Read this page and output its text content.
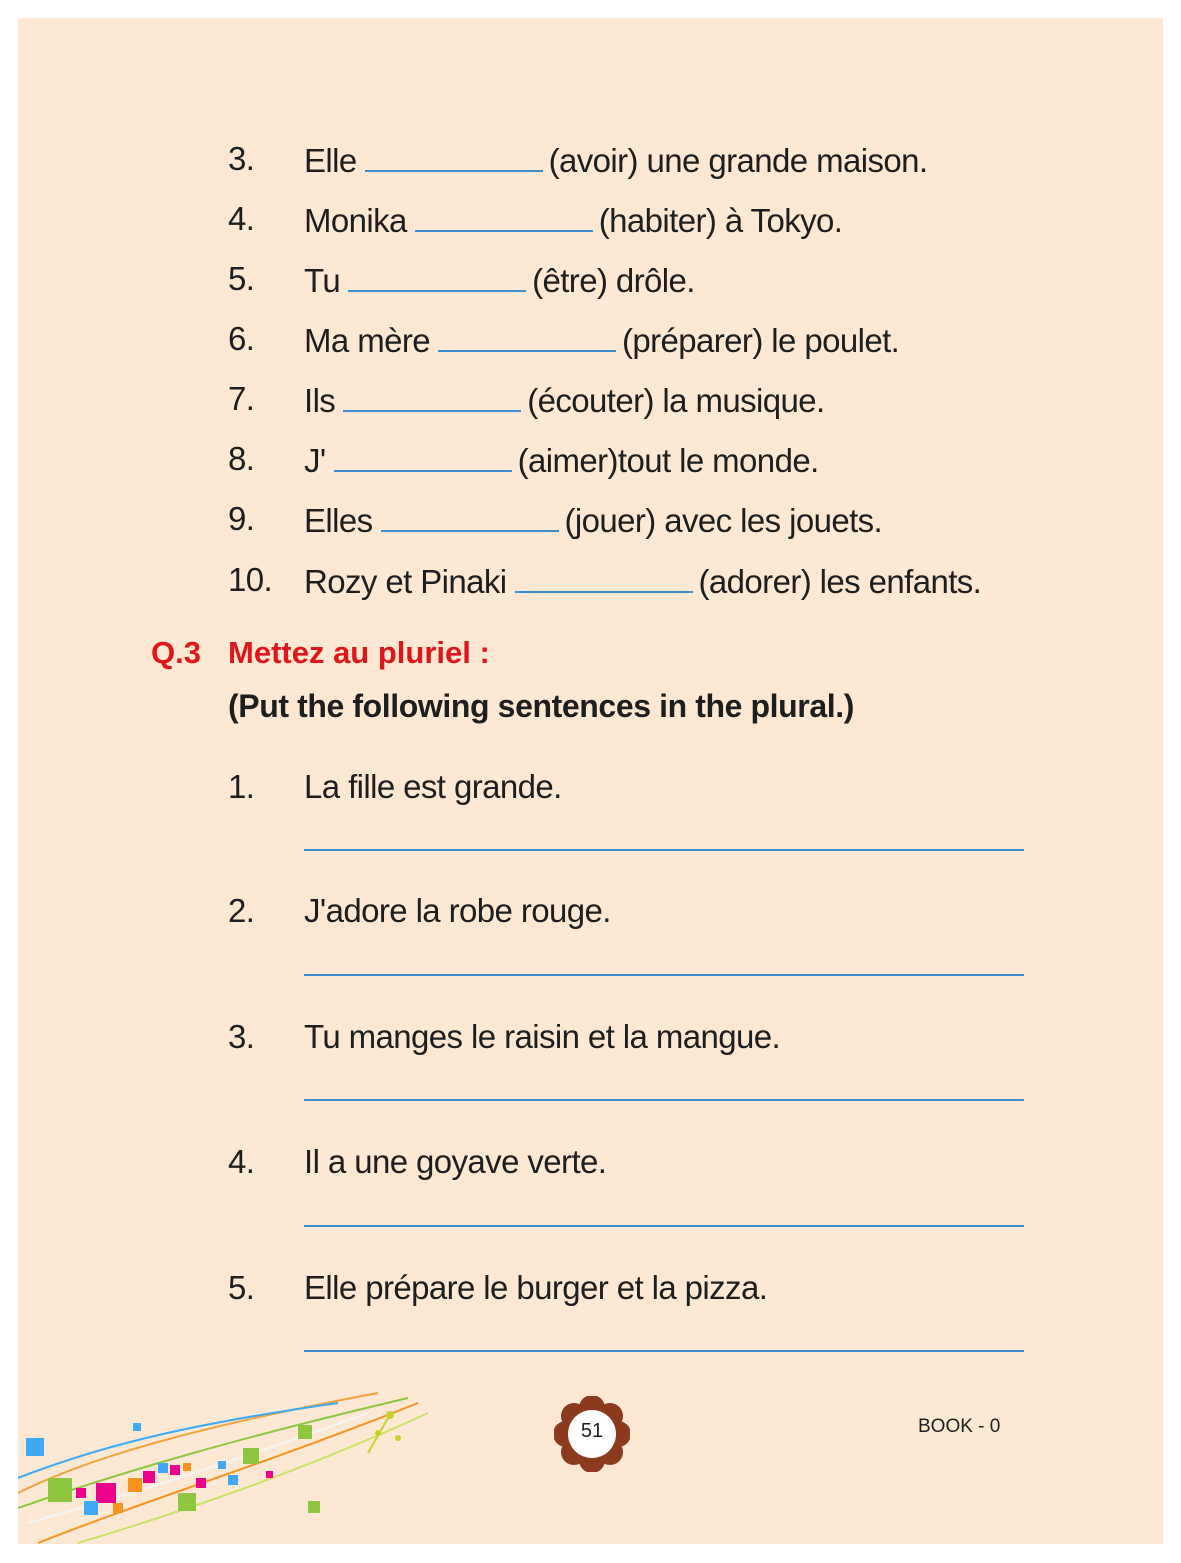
3. Elle	(avoir) une grande maison.
4. Monika	(habiter) à Tokyo.
5. Tu	(être) drôle.
6. Ma mère	(préparer) le poulet.
7. Ils	(écouter) la musique.
8. J'	(aimer)tout le monde.
9. Elles	(jouer) avec les jouets.
10. Rozy et Pinaki	(adorer) les enfants.
Q.3 Mettez au pluriel :
(Put the following sentences in the plural.)
1. La fille est grande.
2. J'adore la robe rouge.
3. Tu manges le raisin et la mangue.
4. Il a une goyave verte.
5. Elle prépare le burger et la pizza.
51	BOOK - 0
